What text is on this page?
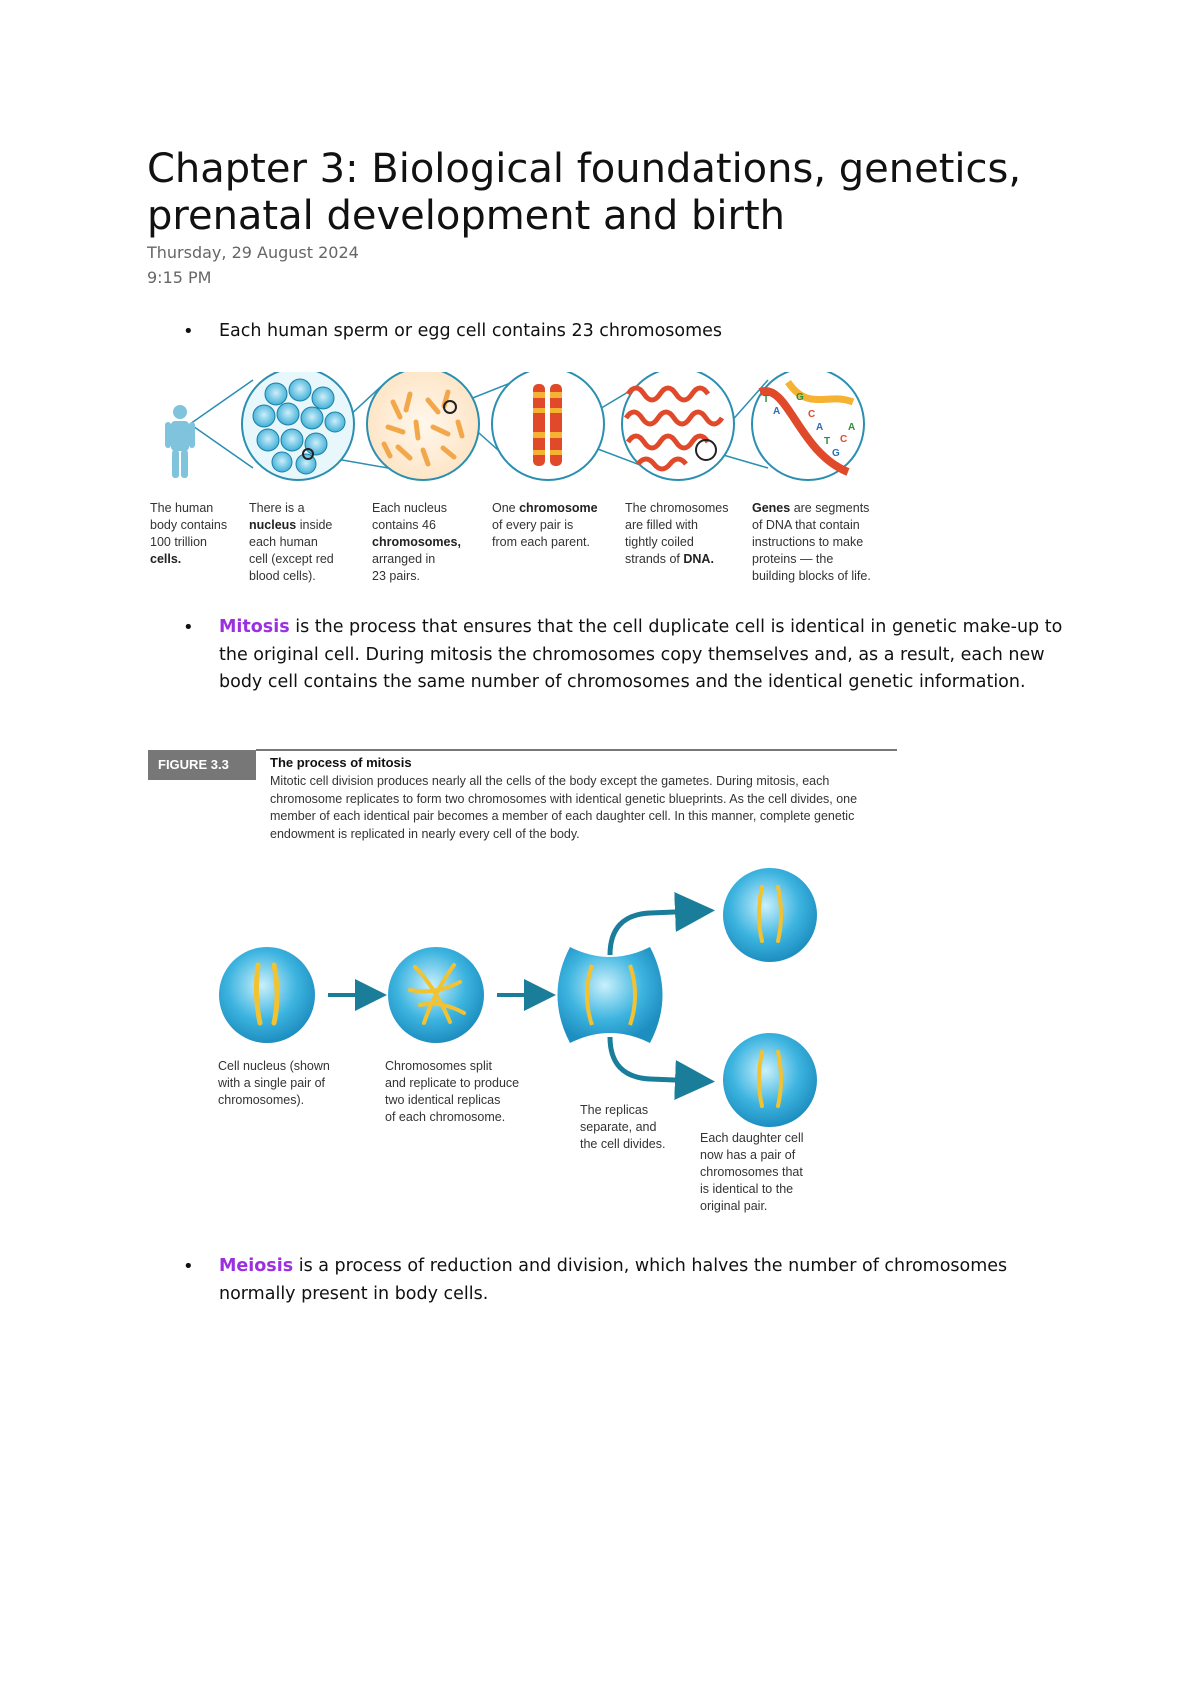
Chapter 3: Biological foundations, genetics, prenatal development and birth
Thursday, 29 August 2024
9:15 PM
• Each human sperm or egg cell contains 23 chromosomes
T
A
G
C
A
T
G
C
A
The human
body contains
100 trillion
cells.
There is a
nucleus inside
each human
cell (except red
blood cells).
Each nucleus
contains 46
chromosomes,
arranged in
23 pairs.
One chromosome
of every pair is
from each parent.
The chromosomes
are filled with
tightly coiled
strands of DNA.
Genes are segments
of DNA that contain
instructions to make
proteins — the
building blocks of life.
• Mitosis is the process that ensures that the cell duplicate cell is identical in genetic make-up to the original cell. During mitosis the chromosomes copy themselves and, as a result, each new body cell contains the same number of chromosomes and the identical genetic information.
FIGURE 3.3	The process of mitosis
Mitotic cell division produces nearly all the cells of the body except the gametes. During mitosis, each chromosome replicates to form two chromosomes with identical genetic blueprints. As the cell divides, one member of each identical pair becomes a member of each daughter cell. In this manner, complete genetic endowment is replicated in nearly every cell of the body.
Cell nucleus (shown
with a single pair of
chromosomes).
Chromosomes split
and replicate to produce
two identical replicas
of each chromosome.	The replicas
separate, and
the cell divides.	Each daughter cell
now has a pair of
chromosomes that
is identical to the
original pair.
• Meiosis is a process of reduction and division, which halves the number of chromosomes normally present in body cells.
